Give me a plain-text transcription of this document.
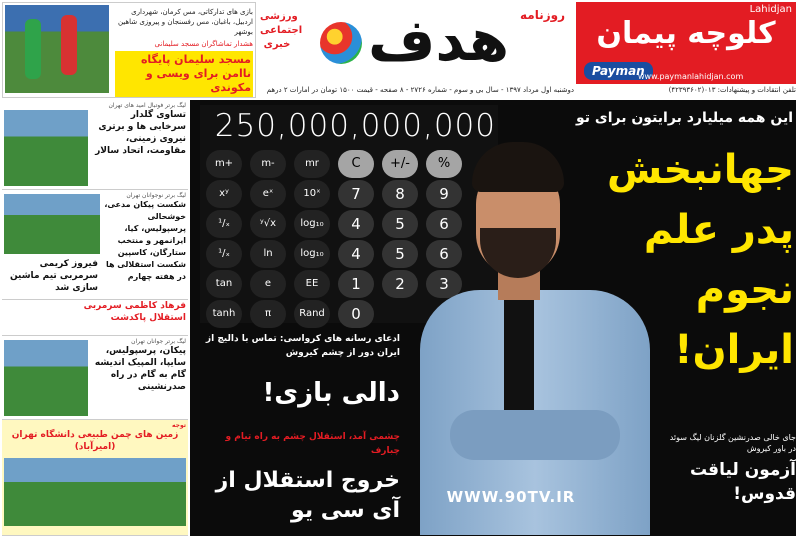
Lahidjan
کلوچه پیمان
Payman
www.paymanlahidjan.com
تلفن انتقادات و پیشنهادات: ۰۱۳(۴۲۳۹۳۶۰۲)
ورزشی اجتماعی خبری هدف روزنامه
دوشنبه اول مرداد ۱۳۹۷ - سال بی و سوم - شماره ۲۷۲۶ - ۸ صفحه - قیمت ۱۵۰۰ تومان در امارات ۲ درهم
بازی های تدارکاتی، مس کرمان، شهرداری اردبیل، باغبان، مس رفسنجان و پیروزی شاهین بوشهر
هشدار تماشاگران مسجد سلیمانی
مسجد سلیمان پایگاه ناامن برای ویسی و مکوندی
لیگ برتر فوتبال امید های تهران
تساوی گلدار سرخابی ها و برتری نیروی زمینی، مقاومت، اتحاد سالار
لیگ برتر نوجوانان تهران
شکست پیکان مدعی، خوشحالی پرسپولیس، کیا، ایرانمهر و منتخب ستارگان، کاسپین شکست استقلالی ها در هفته چهارم
فیروز کریمی سرمربی تیم ماشین سازی شد
فرهاد کاظمی سرمربی استقلال پاکدشت
لیگ برتر جوانان تهران
پیکان، پرسپولیس، سایپا، المپیک اندیشه گام به گام در راه صدرنشینی
توجه
زمین های چمن طبیعی دانشگاه تهران (امیرآباد)
250,000,000,000
m+	m-	mr	C	+/-	%
xʸ	eˣ	10ˣ	7	8	9
¹/ₓ	ʸ√x	log₁₀	4	5	6
¹/ₓ	ln	log₁₀	4	5	6
tan	e	EE	1	2	3
tanh	π	Rand	0
این همه میلیارد برایتون برای تو
جهانبخش
پدر علم
نجوم
ایران!
WWW.90TV.IR
ادعای رسانه های کرواسی: تماس با دالیچ از ایران دور از چشم کیروش
دالی بازی!
چشمی آمد، استقلال چشم به راه تیام و چبارف
خروج استقلال از آی سی یو
جای خالی صدرنشین گلزنان لیگ سوئد در باور کیروش
آزمون لیاقت قدوس!
